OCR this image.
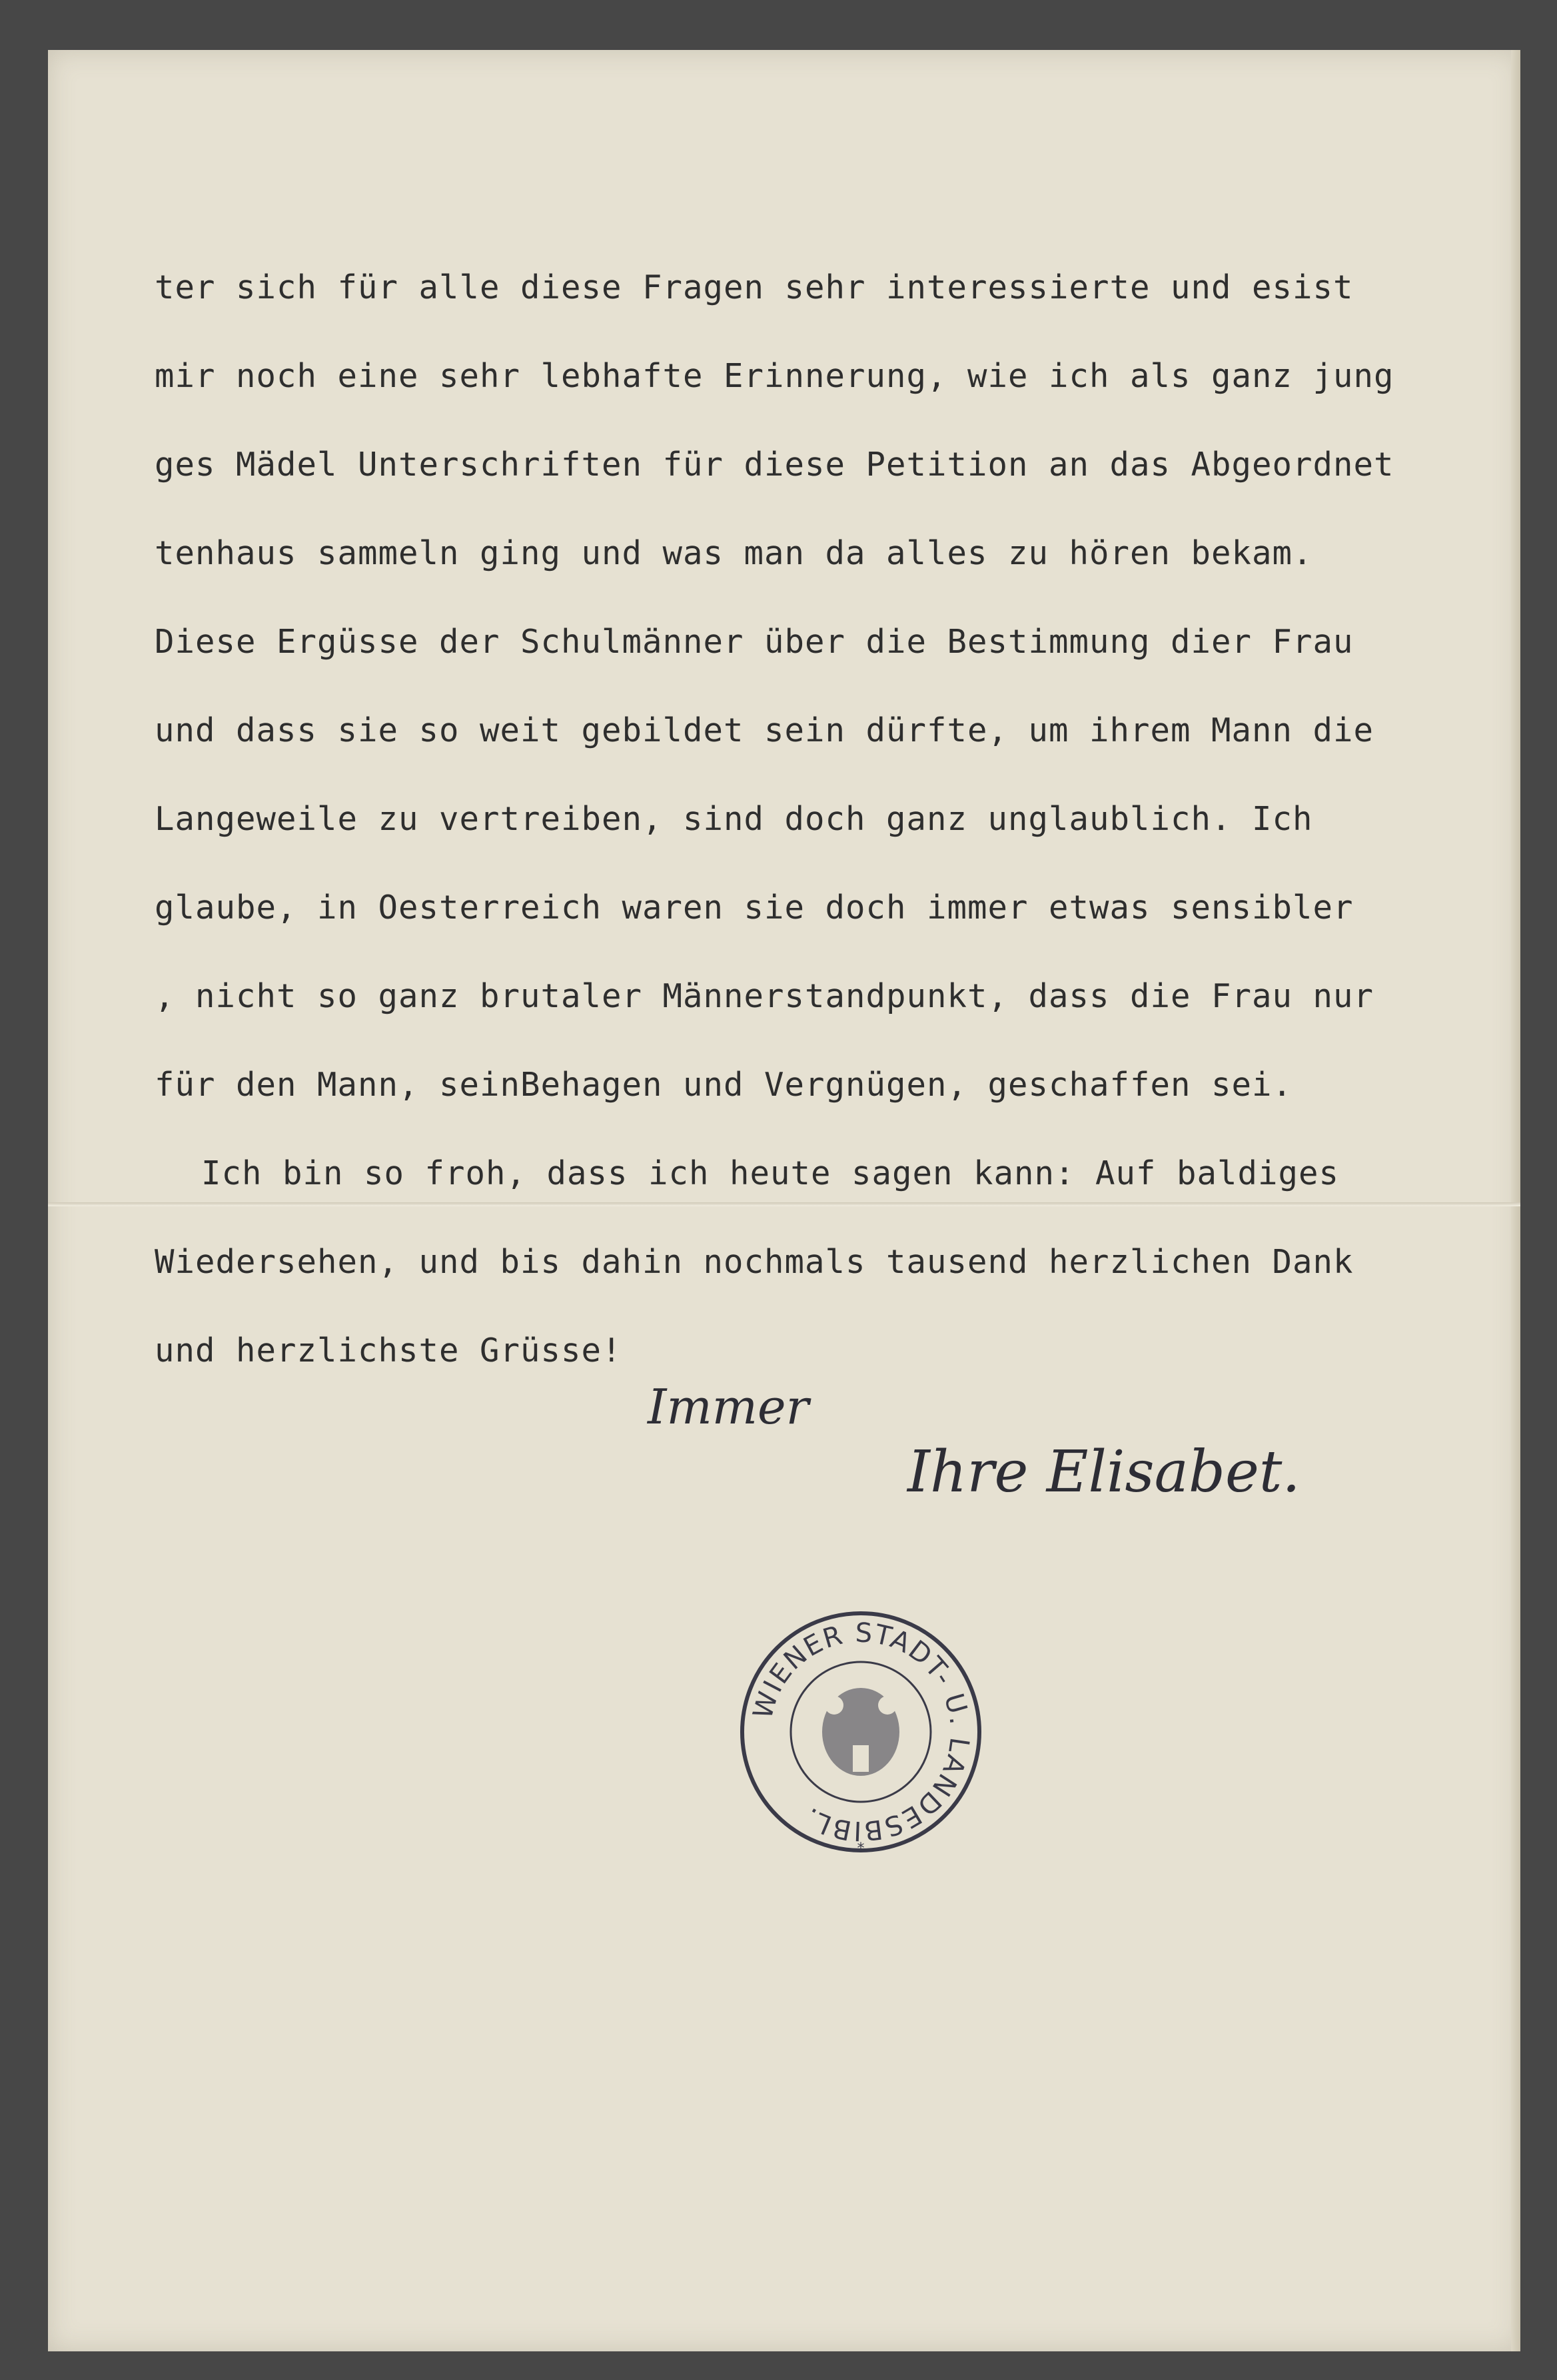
ter sich für alle diese Fragen sehr interessierte und esist
mir noch eine sehr lebhafte Erinnerung, wie ich als ganz jung
ges Mädel Unterschriften für diese Petition an das Abgeordnet
tenhaus sammeln ging und was man da alles zu hören bekam.
Diese Ergüsse der Schulmänner über die Bestimmung dier Frau
und dass sie so weit gebildet sein dürfte, um ihrem Mann die
Langeweile zu vertreiben, sind doch ganz unglaublich. Ich
glaube, in Oesterreich waren sie doch immer etwas sensibler
, nicht so ganz brutaler Männerstandpunkt, dass die Frau nur
für den Mann, seinBehagen und Vergnügen, geschaffen sei.
Ich bin so froh, dass ich heute sagen kann: Auf baldiges
Wiedersehen, und bis dahin nochmals tausend herzlichen Dank
und herzlichste Grüsse!
Immer
Ihre Elisabet.
WIENER STADT- U. LANDESBIBL.
*
